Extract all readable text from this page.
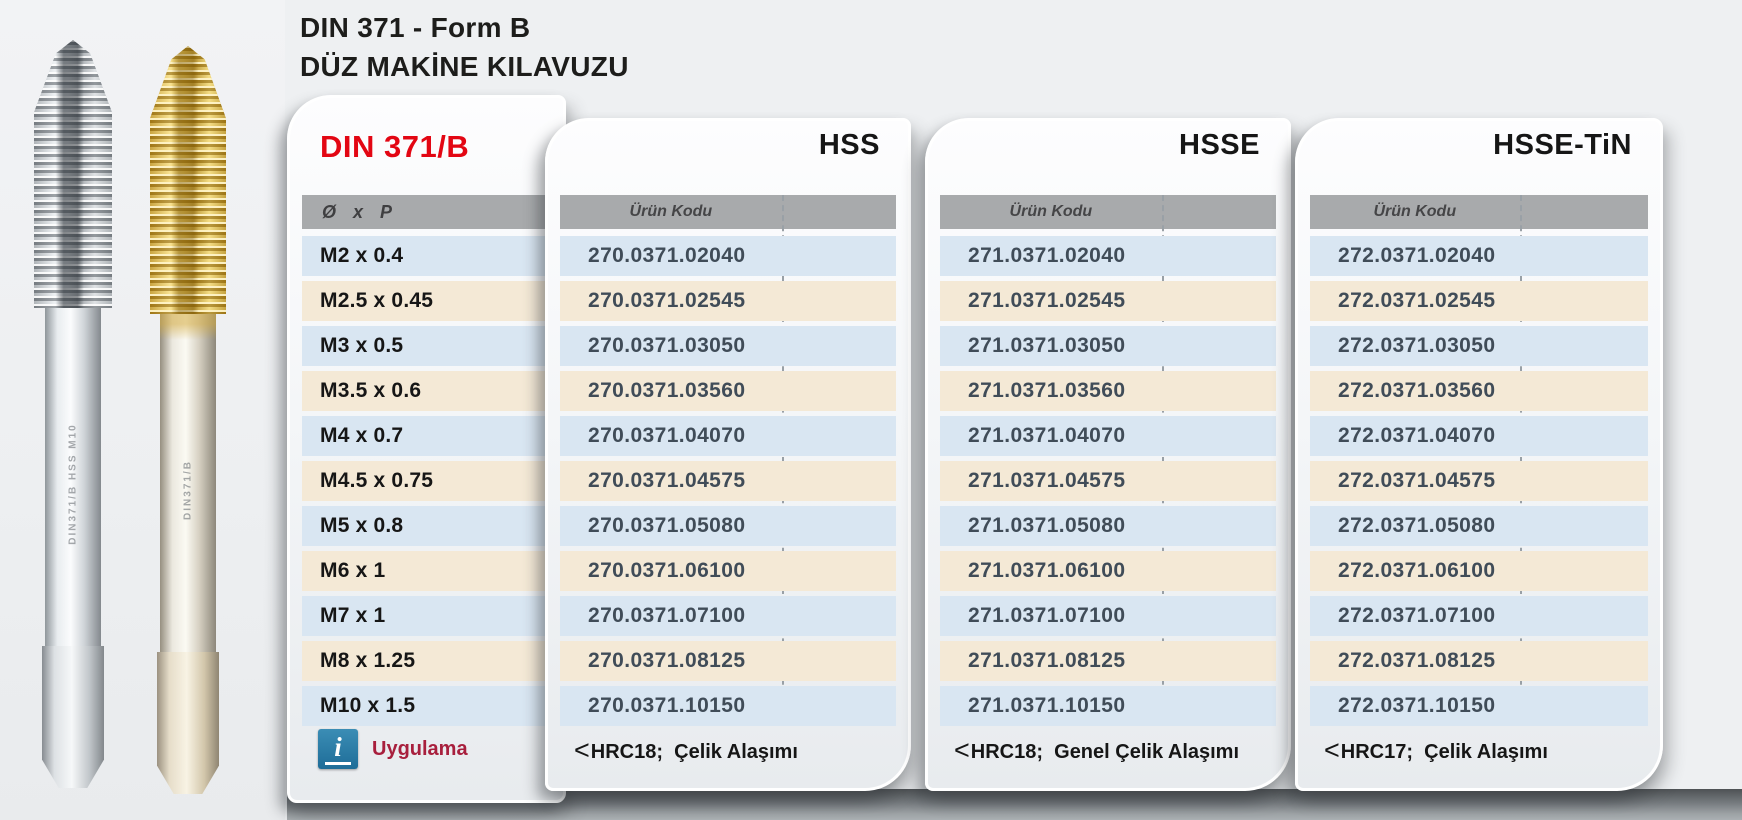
DIN371/B HSS M10	DIN371/B
DIN 371 - Form B
DÜZ MAKİNE KILAVUZU
DIN 371/B
Ø x P
M2 x 0.4
M2.5 x 0.45
M3 x 0.5
M3.5 x 0.6
M4 x 0.7
M4.5 x 0.75
M5 x 0.8
M6 x 1
M7 x 1
M8 x 1.25
M10 x 1.5
i Uygulama
HSS
Ürün Kodu
270.0371.02040
270.0371.02545
270.0371.03050
270.0371.03560
270.0371.04070
270.0371.04575
270.0371.05080
270.0371.06100
270.0371.07100
270.0371.08125
270.0371.10150
<HRC18;  Çelik Alaşımı
HSSE
Ürün Kodu
271.0371.02040
271.0371.02545
271.0371.03050
271.0371.03560
271.0371.04070
271.0371.04575
271.0371.05080
271.0371.06100
271.0371.07100
271.0371.08125
271.0371.10150
<HRC18;  Genel Çelik Alaşımı
HSSE-TiN
Ürün Kodu
272.0371.02040
272.0371.02545
272.0371.03050
272.0371.03560
272.0371.04070
272.0371.04575
272.0371.05080
272.0371.06100
272.0371.07100
272.0371.08125
272.0371.10150
<HRC17;  Çelik Alaşımı
